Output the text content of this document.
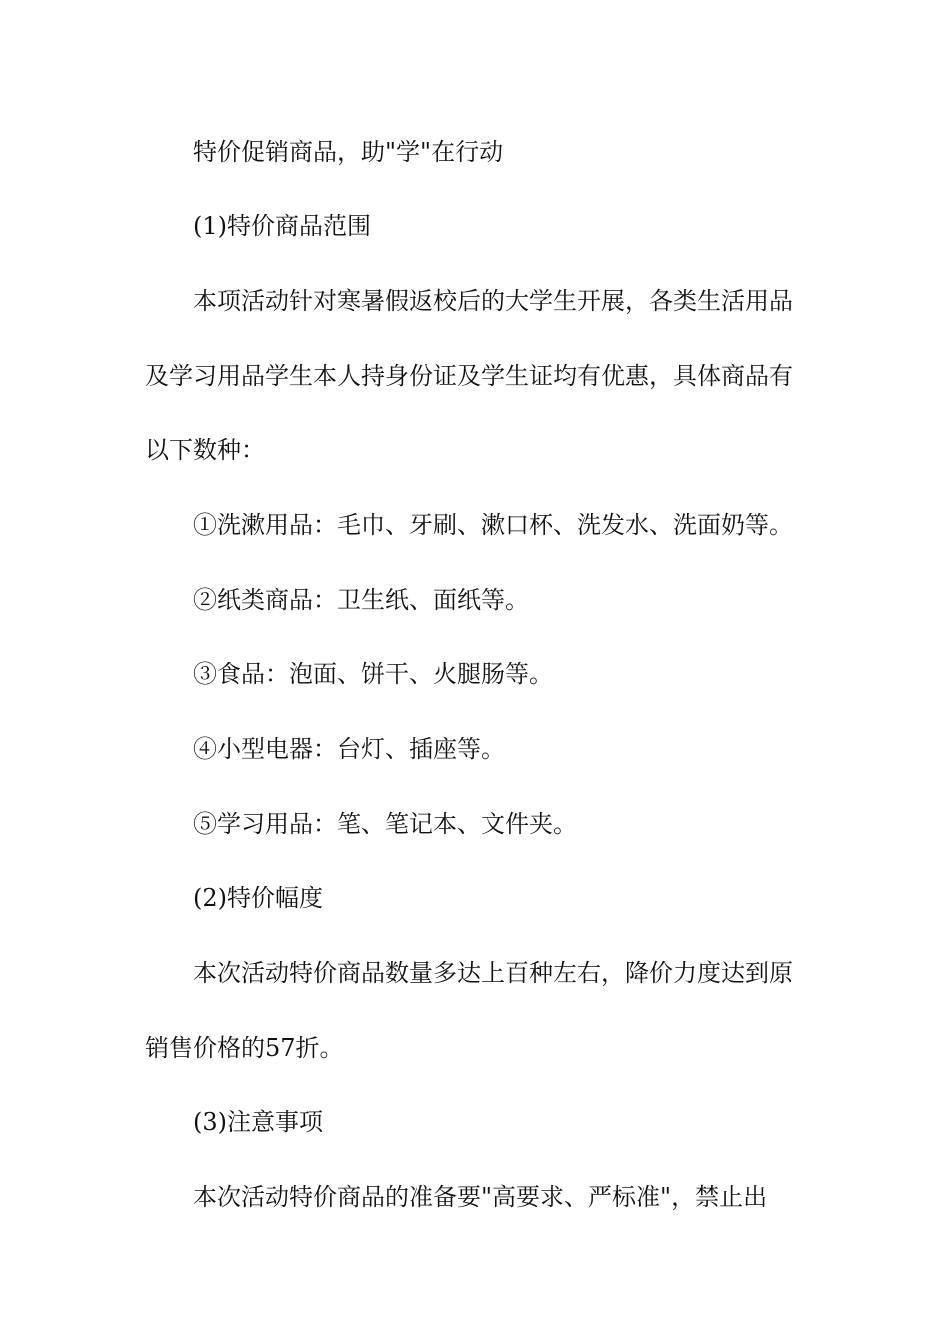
特价促销商品，助"学"在行动
(1)特价商品范围
本项活动针对寒暑假返校后的大学生开展，各类生活用品
及学习用品学生本人持身份证及学生证均有优惠，具体商品有
以下数种：
①洗漱用品：毛巾、牙刷、漱口杯、洗发水、洗面奶等。
②纸类商品：卫生纸、面纸等。
③食品：泡面、饼干、火腿肠等。
④小型电器：台灯、插座等。
⑤学习用品：笔、笔记本、文件夹。
(2)特价幅度
本次活动特价商品数量多达上百种左右，降价力度达到原
销售价格的57折。
(3)注意事项
本次活动特价商品的准备要"高要求、严标准"，禁止出
